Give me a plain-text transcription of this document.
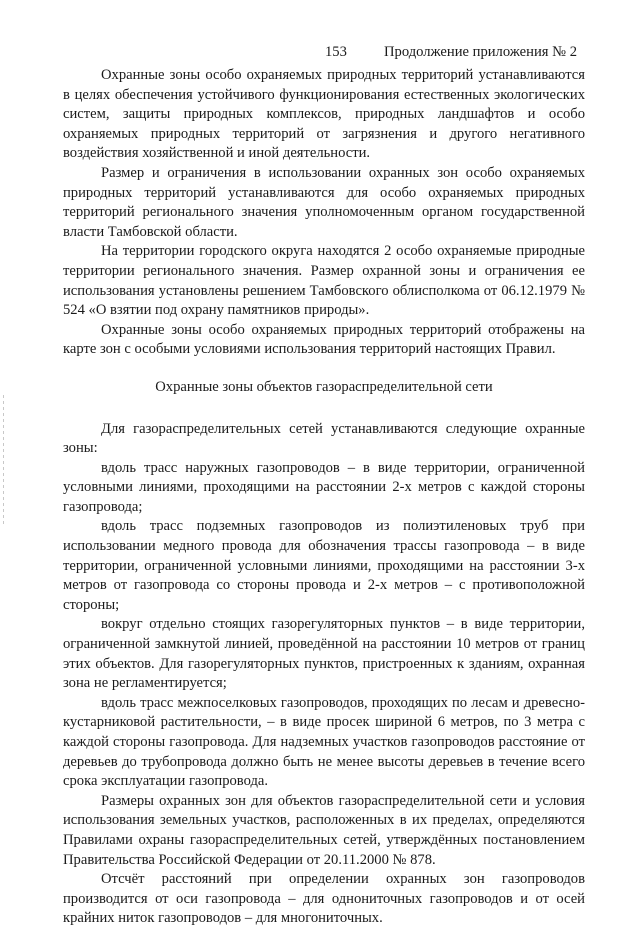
153	Продолжение приложения № 2

Охранные зоны особо охраняемых природных территорий устанавливаются в целях обеспечения устойчивого функционирования естественных экологических систем, защиты природных комплексов, природных ландшафтов и особо охраняемых природных территорий от загрязнения и другого негативного воздействия хозяйственной и иной деятельности.

Размер и ограничения в использовании охранных зон особо охраняемых природных территорий устанавливаются для особо охраняемых природных территорий регионального значения уполномоченным органом государственной власти Тамбовской области.

На территории городского округа находятся 2 особо охраняемые природные территории регионального значения. Размер охранной зоны и ограничения ее использования установлены решением Тамбовского облисполкома от 06.12.1979 № 524 «О взятии под охрану памятников природы».

Охранные зоны особо охраняемых природных территорий отображены на карте зон с особыми условиями использования территорий настоящих Правил.

Охранные зоны объектов газораспределительной сети

Для газораспределительных сетей устанавливаются следующие охранные зоны:

вдоль трасс наружных газопроводов – в виде территории, ограниченной условными линиями, проходящими на расстоянии 2-х метров с каждой стороны газопровода;

вдоль трасс подземных газопроводов из полиэтиленовых труб при использовании медного провода для обозначения трассы газопровода – в виде территории, ограниченной условными линиями, проходящими на расстоянии 3-х метров от газопровода со стороны провода и 2-х метров – с противоположной стороны;

вокруг отдельно стоящих газорегуляторных пунктов – в виде территории, ограниченной замкнутой линией, проведённой на расстоянии 10 метров от границ этих объектов. Для газорегуляторных пунктов, пристроенных к зданиям, охранная зона не регламентируется;

вдоль трасс межпоселковых газопроводов, проходящих по лесам и древесно-кустарниковой растительности, – в виде просек шириной 6 метров, по 3 метра с каждой стороны газопровода. Для надземных участков газопроводов расстояние от деревьев до трубопровода должно быть не менее высоты деревьев в течение всего срока эксплуатации газопровода.

Размеры охранных зон для объектов газораспределительной сети и условия использования земельных участков, расположенных в их пределах, определяются Правилами охраны газораспределительных сетей, утверждённых постановлением Правительства Российской Федерации от 20.11.2000 № 878.

Отсчёт расстояний при определении охранных зон газопроводов производится от оси газопровода – для однониточных газопроводов и от осей крайних ниток газопроводов – для многониточных.
